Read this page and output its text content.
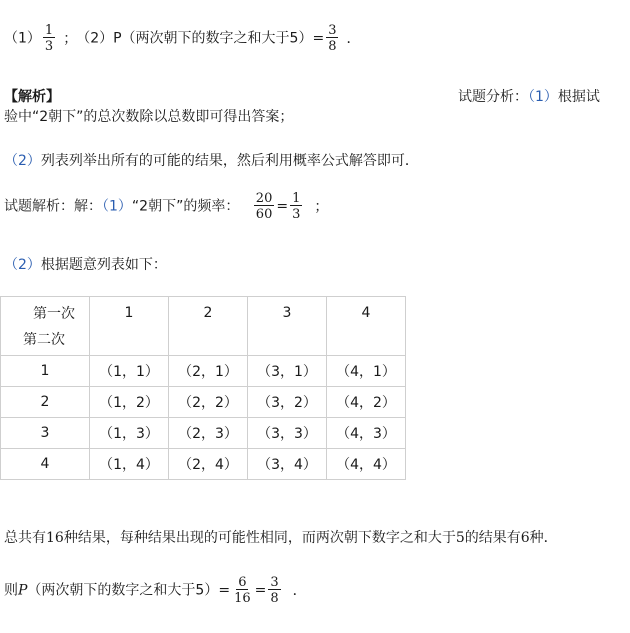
$(1) \frac{1}{3}$ ； （2）P（两次朝下的数字之和大于$5)= \frac{3}{8}$ ．
【解析】	试题分析：（1）根据试
验中“2朝下”的总次数除以总数即可得出答案；
（2）列表列举出所有的可能的结果，然后利用概率公式解答即可．
试题解析：解：（1）“2朝下”的频率： $\frac{20}{60} = \frac{1}{3}$ ；
（2）根据题意列表如下：
第一次
第二次	1	2	3	4
1	（1，1）	（2，1）	（3，1）	（4，1）
2	（1，2）	（2，2）	（3，2）	（4，2）
3	（1，3）	（2，3）	（3，3）	（4，3）
4	（1，4）	（2，4）	（3，4）	（4，4）
总共有16种结果，每种结果出现的可能性相同，而两次朝下数字之和大于5的结果有6种．
则P（两次朝下的数字之和大于$5)= \frac{6}{16} = \frac{3}{8}$ ．
